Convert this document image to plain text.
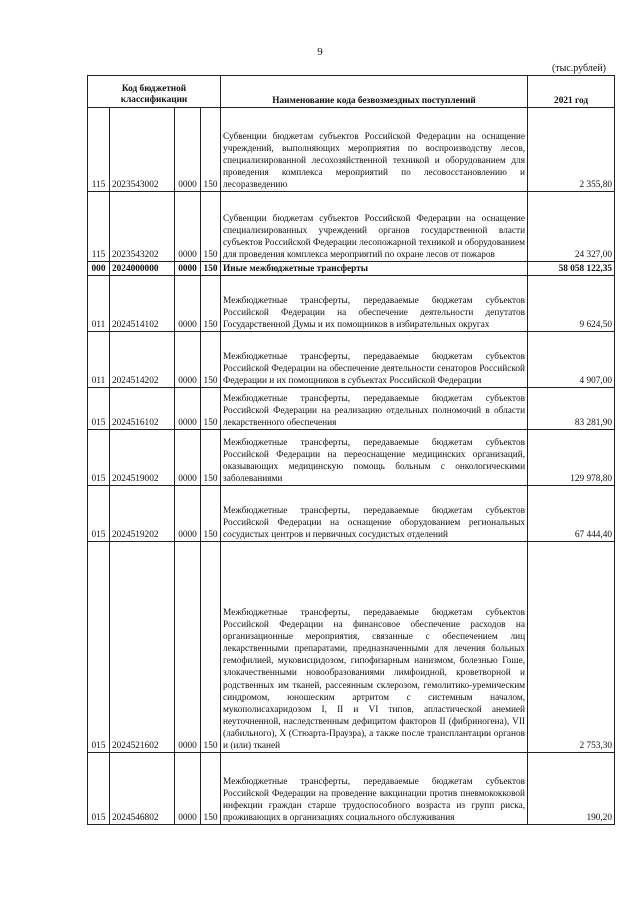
9
(тыс.рублей)
Код бюджетной классификации				Наименование кода безвозмездных поступлений	2021 год
115	2023543002	0000	150	Субвенции бюджетам субъектов Российской Федерации на оснащение учреждений, выполняющих мероприятия по воспроизводству лесов, специализированной лесохозяйственной техникой и оборудованием для проведения комплекса мероприятий по лесовосстановлению и лесоразведению	2 355,80
115	2023543202	0000	150	Субвенции бюджетам субъектов Российской Федерации на оснащение специализированных учреждений органов государственной власти субъектов Российской Федерации лесопожарной техникой и оборудованием для проведения комплекса мероприятий по охране лесов от пожаров	24 327,00
000	2024000000	0000	150	Иные межбюджетные трансферты	58 058 122,35
011	2024514102	0000	150	Межбюджетные трансферты, передаваемые бюджетам субъектов Российской Федерации на обеспечение деятельности депутатов Государственной Думы и их помощников в избирательных округах	9 624,50
011	2024514202	0000	150	Межбюджетные трансферты, передаваемые бюджетам субъектов Российской Федерации на обеспечение деятельности сенаторов Российской Федерации и их помощников в субъектах Российской Федерации	4 907,00
015	2024516102	0000	150	Межбюджетные трансферты, передаваемые бюджетам субъектов Российской Федерации на реализацию отдельных полномочий в области лекарственного обеспечения	83 281,90
015	2024519002	0000	150	Межбюджетные трансферты, передаваемые бюджетам субъектов Российской Федерации на переоснащение медицинских организаций, оказывающих медицинскую помощь больным с онкологическими заболеваниями	129 978,80
015	2024519202	0000	150	Межбюджетные трансферты, передаваемые бюджетам субъектов Российской Федерации на оснащение оборудованием региональных сосудистых центров и первичных сосудистых отделений	67 444,40
015	2024521602	0000	150	Межбюджетные трансферты, передаваемые бюджетам субъектов Российской Федерации на финансовое обеспечение расходов на организационные мероприятия, связанные с обеспечением лиц лекарственными препаратами, предназначенными для лечения больных гемофилией, муковисцидозом, гипофизарным нанизмом, болезнью Гоше, злокачественными новообразованиями лимфоидной, кроветворной и родственных им тканей, рассеянным склерозом, гемолитико-уремическим синдромом, юношеским артритом с системным началом, мукополисахаридозом I, II и VI типов, апластической анемией неуточненной, наследственным дефицитом факторов II (фибриногена), VII (лабильного), X (Стюарта-Праузра), а также после трансплантации органов и (или) тканей	2 753,30
015	2024546802	0000	150	Межбюджетные трансферты, передаваемые бюджетам субъектов Российской Федерации на проведение вакцинации против пневмококковой инфекции граждан старше трудоспособного возраста из групп риска, проживающих в организациях социального обслуживания	190,20
